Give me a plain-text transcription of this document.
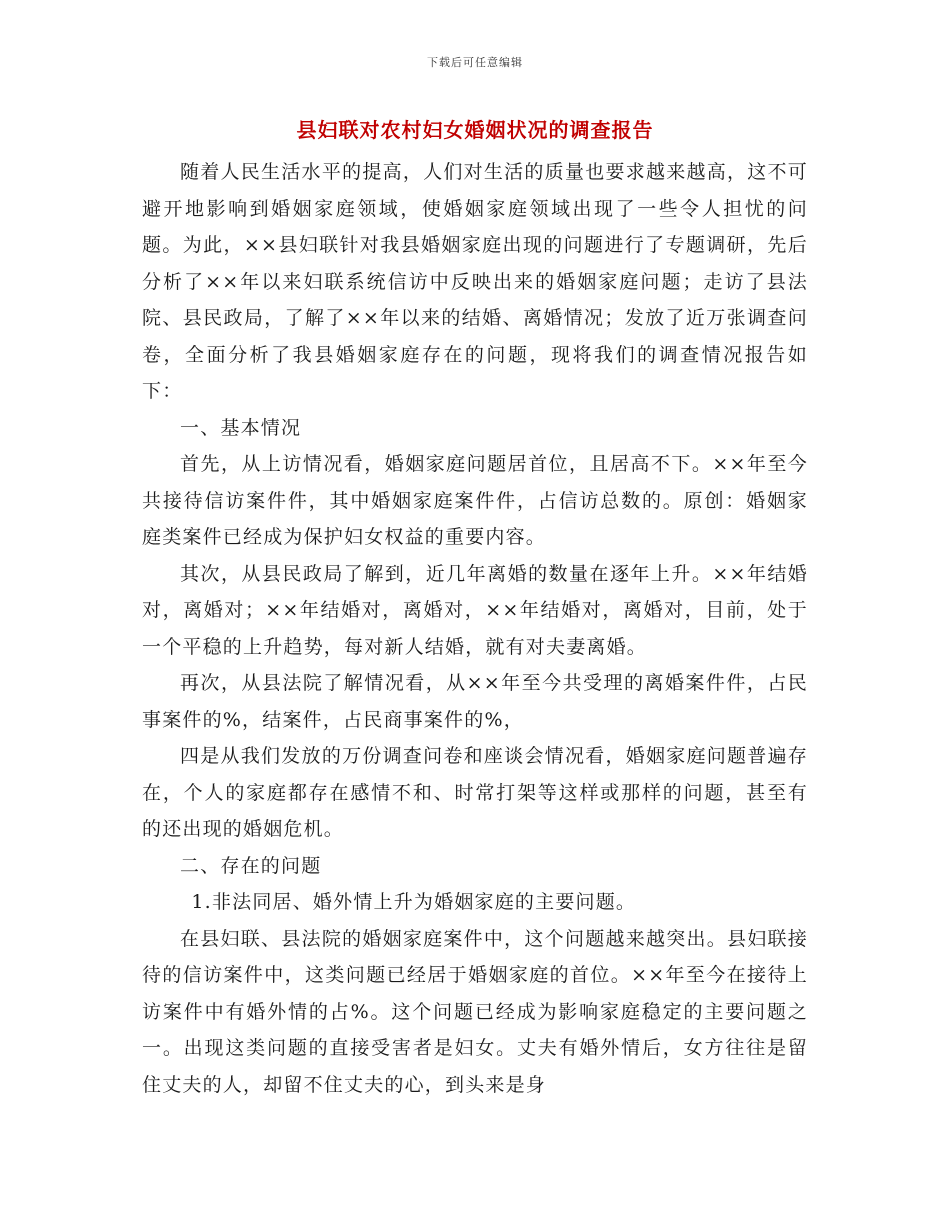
下载后可任意编辑
县妇联对农村妇女婚姻状况的调查报告

随着人民生活水平的提高，人们对生活的质量也要求越来越高，这不可避开地影响到婚姻家庭领域，使婚姻家庭领域出现了一些令人担忧的问题。为此，××县妇联针对我县婚姻家庭出现的问题进行了专题调研，先后分析了××年以来妇联系统信访中反映出来的婚姻家庭问题；走访了县法院、县民政局，了解了××年以来的结婚、离婚情况；发放了近万张调查问卷，全面分析了我县婚姻家庭存在的问题，现将我们的调查情况报告如下：

一、基本情况

首先，从上访情况看，婚姻家庭问题居首位，且居高不下。××年至今共接待信访案件件，其中婚姻家庭案件件，占信访总数的。原创：婚姻家庭类案件已经成为保护妇女权益的重要内容。

其次，从县民政局了解到，近几年离婚的数量在逐年上升。××年结婚对，离婚对；××年结婚对，离婚对，××年结婚对，离婚对，目前，处于一个平稳的上升趋势，每对新人结婚，就有对夫妻离婚。

再次，从县法院了解情况看，从××年至今共受理的离婚案件件，占民事案件的%，结案件，占民商事案件的%，

四是从我们发放的万份调查问卷和座谈会情况看，婚姻家庭问题普遍存在，个人的家庭都存在感情不和、时常打架等这样或那样的问题，甚至有的还出现的婚姻危机。

二、存在的问题

1.非法同居、婚外情上升为婚姻家庭的主要问题。

在县妇联、县法院的婚姻家庭案件中，这个问题越来越突出。县妇联接待的信访案件中，这类问题已经居于婚姻家庭的首位。××年至今在接待上访案件中有婚外情的占%。这个问题已经成为影响家庭稳定的主要问题之一。出现这类问题的直接受害者是妇女。丈夫有婚外情后，女方往往是留住丈夫的人，却留不住丈夫的心，到头来是身
